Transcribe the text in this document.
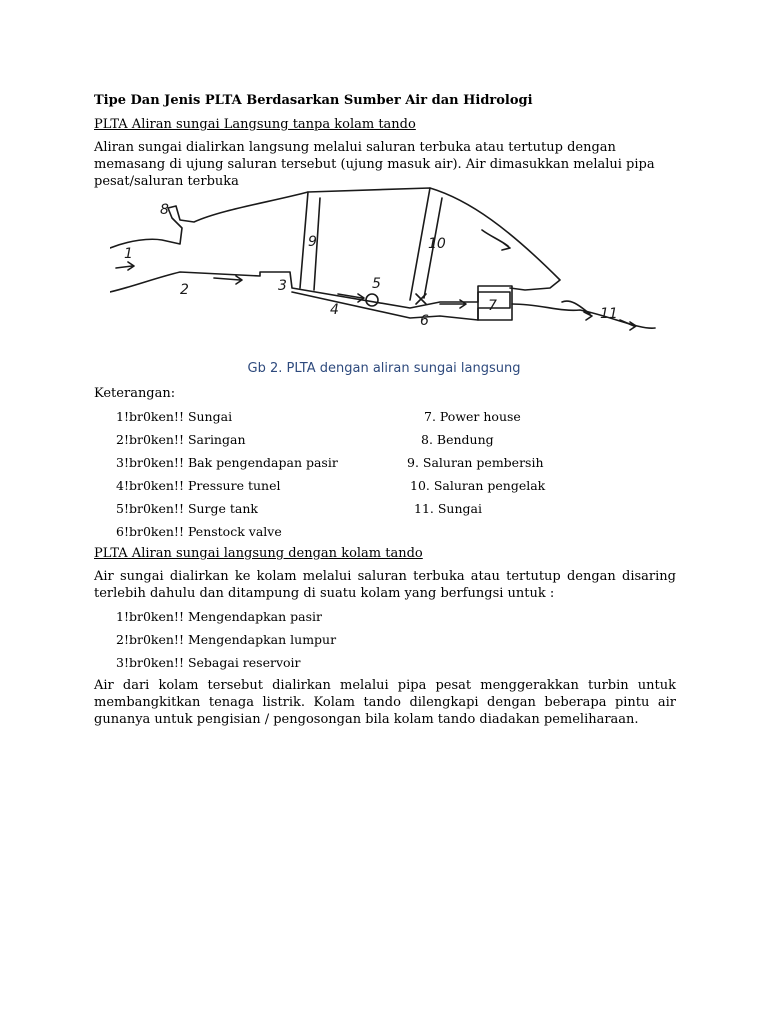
Tipe Dan Jenis PLTA Berdasarkan Sumber Air dan Hidrologi
PLTA Aliran sungai Langsung tanpa kolam tando
Aliran sungai dialirkan langsung melalui saluran terbuka atau tertutup dengan memasang di ujung saluran tersebut (ujung masuk air). Air dimasukkan melalui pipa pesat/saluran terbuka
1
2	3
4
5
6
7
8
9	10
11
Gb 2. PLTA dengan aliran sungai langsung
Keterangan:
1!br0ken!! Sungai
2!br0ken!! Saringan
3!br0ken!! Bak pengendapan pasir
4!br0ken!! Pressure tunel
5!br0ken!! Surge tank
6!br0ken!! Penstock valve
7. Power house
8. Bendung
9. Saluran pembersih
10. Saluran pengelak
11. Sungai
PLTA Aliran sungai langsung dengan kolam tando
Air sungai dialirkan ke kolam melalui saluran terbuka atau tertutup dengan disaring terlebih dahulu dan ditampung di suatu kolam yang berfungsi untuk :
1!br0ken!! Mengendapkan pasir
2!br0ken!! Mengendapkan lumpur
3!br0ken!! Sebagai reservoir
Air dari kolam tersebut dialirkan melalui pipa pesat menggerakkan turbin untuk membangkitkan tenaga listrik. Kolam tando dilengkapi dengan beberapa pintu air gunanya untuk pengisian / pengosongan bila kolam tando diadakan pemeliharaan.
